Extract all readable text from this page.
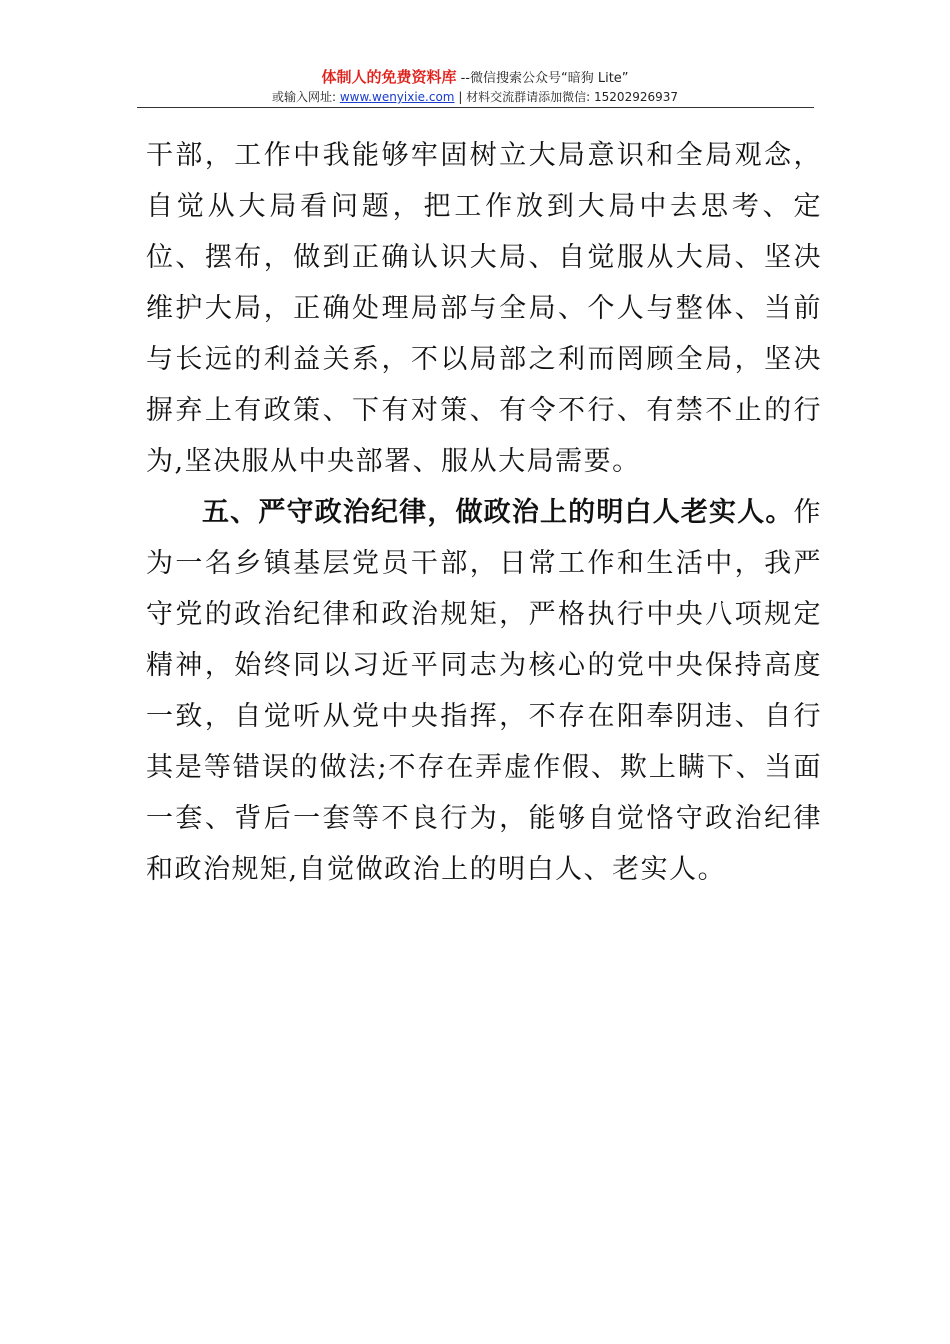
体制人的免费资料库 --微信搜索公众号“暗狗 Lite”
或输入网址: www.wenyixie.com | 材料交流群请添加微信: 15202926937

干部，工作中我能够牢固树立大局意识和全局观念，自觉从大局看问题，把工作放到大局中去思考、定位、摆布，做到正确认识大局、自觉服从大局、坚决维护大局，正确处理局部与全局、个人与整体、当前与长远的利益关系，不以局部之利而罔顾全局，坚决摒弃上有政策、下有对策、有令不行、有禁不止的行为,坚决服从中央部署、服从大局需要。

五、严守政治纪律，做政治上的明白人老实人。作为一名乡镇基层党员干部，日常工作和生活中，我严守党的政治纪律和政治规矩，严格执行中央八项规定精神，始终同以习近平同志为核心的党中央保持高度一致，自觉听从党中央指挥，不存在阳奉阴违、自行其是等错误的做法;不存在弄虚作假、欺上瞒下、当面一套、背后一套等不良行为，能够自觉恪守政治纪律和政治规矩,自觉做政治上的明白人、老实人。
